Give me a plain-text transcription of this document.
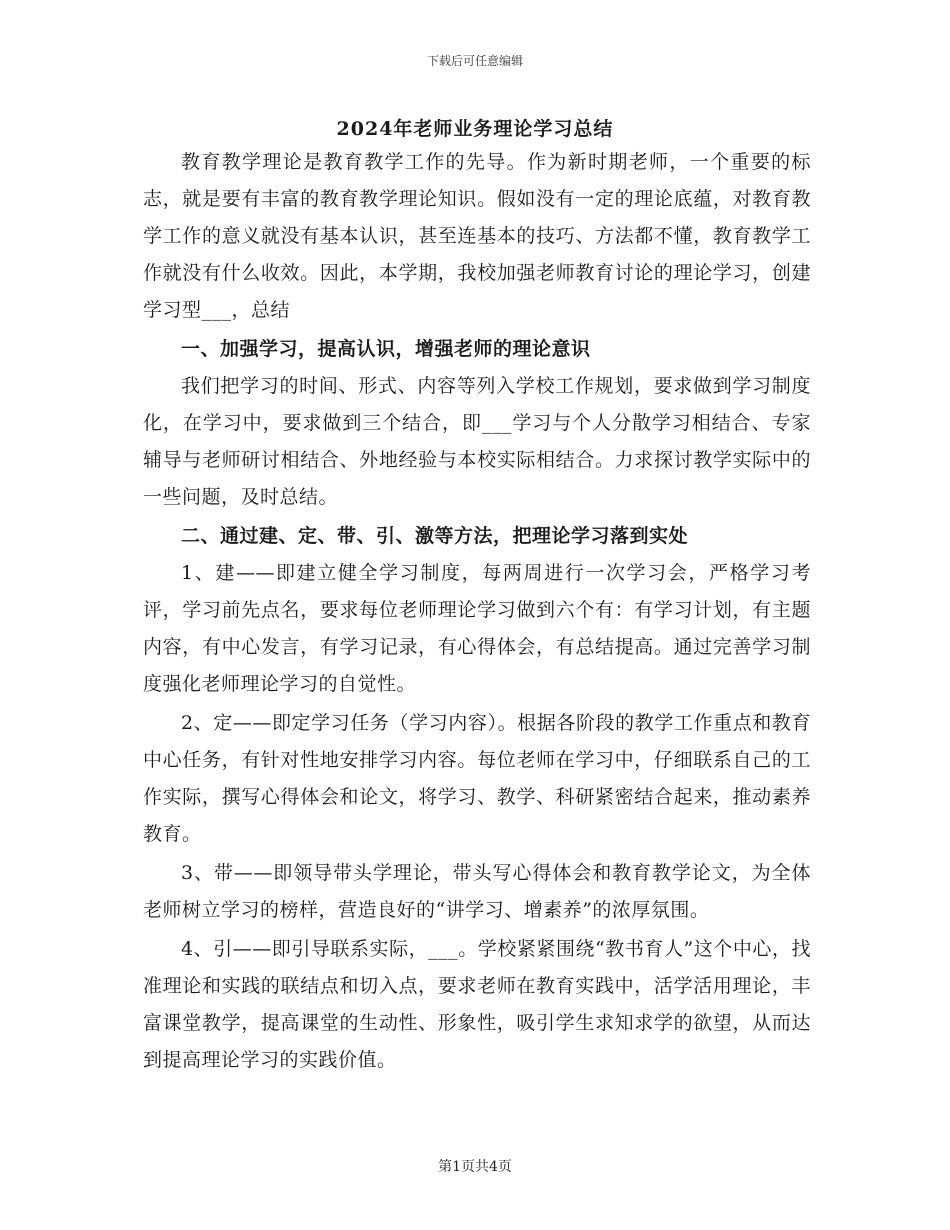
下载后可任意编辑
2024年老师业务理论学习总结

教育教学理论是教育教学工作的先导。作为新时期老师，一个重要的标志，就是要有丰富的教育教学理论知识。假如没有一定的理论底蕴，对教育教学工作的意义就没有基本认识，甚至连基本的技巧、方法都不懂，教育教学工作就没有什么收效。因此，本学期，我校加强老师教育讨论的理论学习，创建学习型___，总结

一、加强学习，提高认识，增强老师的理论意识

我们把学习的时间、形式、内容等列入学校工作规划，要求做到学习制度化，在学习中，要求做到三个结合，即___学习与个人分散学习相结合、专家辅导与老师研讨相结合、外地经验与本校实际相结合。力求探讨教学实际中的一些问题，及时总结。

二、通过建、定、带、引、激等方法，把理论学习落到实处

1、建——即建立健全学习制度，每两周进行一次学习会，严格学习考评，学习前先点名，要求每位老师理论学习做到六个有：有学习计划，有主题内容，有中心发言，有学习记录，有心得体会，有总结提高。通过完善学习制度强化老师理论学习的自觉性。

2、定——即定学习任务（学习内容）。根据各阶段的教学工作重点和教育中心任务，有针对性地安排学习内容。每位老师在学习中，仔细联系自己的工作实际，撰写心得体会和论文，将学习、教学、科研紧密结合起来，推动素养教育。

3、带——即领导带头学理论，带头写心得体会和教育教学论文，为全体老师树立学习的榜样，营造良好的“讲学习、增素养”的浓厚氛围。

4、引——即引导联系实际，___。学校紧紧围绕“教书育人”这个中心，找准理论和实践的联结点和切入点，要求老师在教育实践中，活学活用理论，丰富课堂教学，提高课堂的生动性、形象性，吸引学生求知求学的欲望，从而达到提高理论学习的实践价值。

第1页共4页
